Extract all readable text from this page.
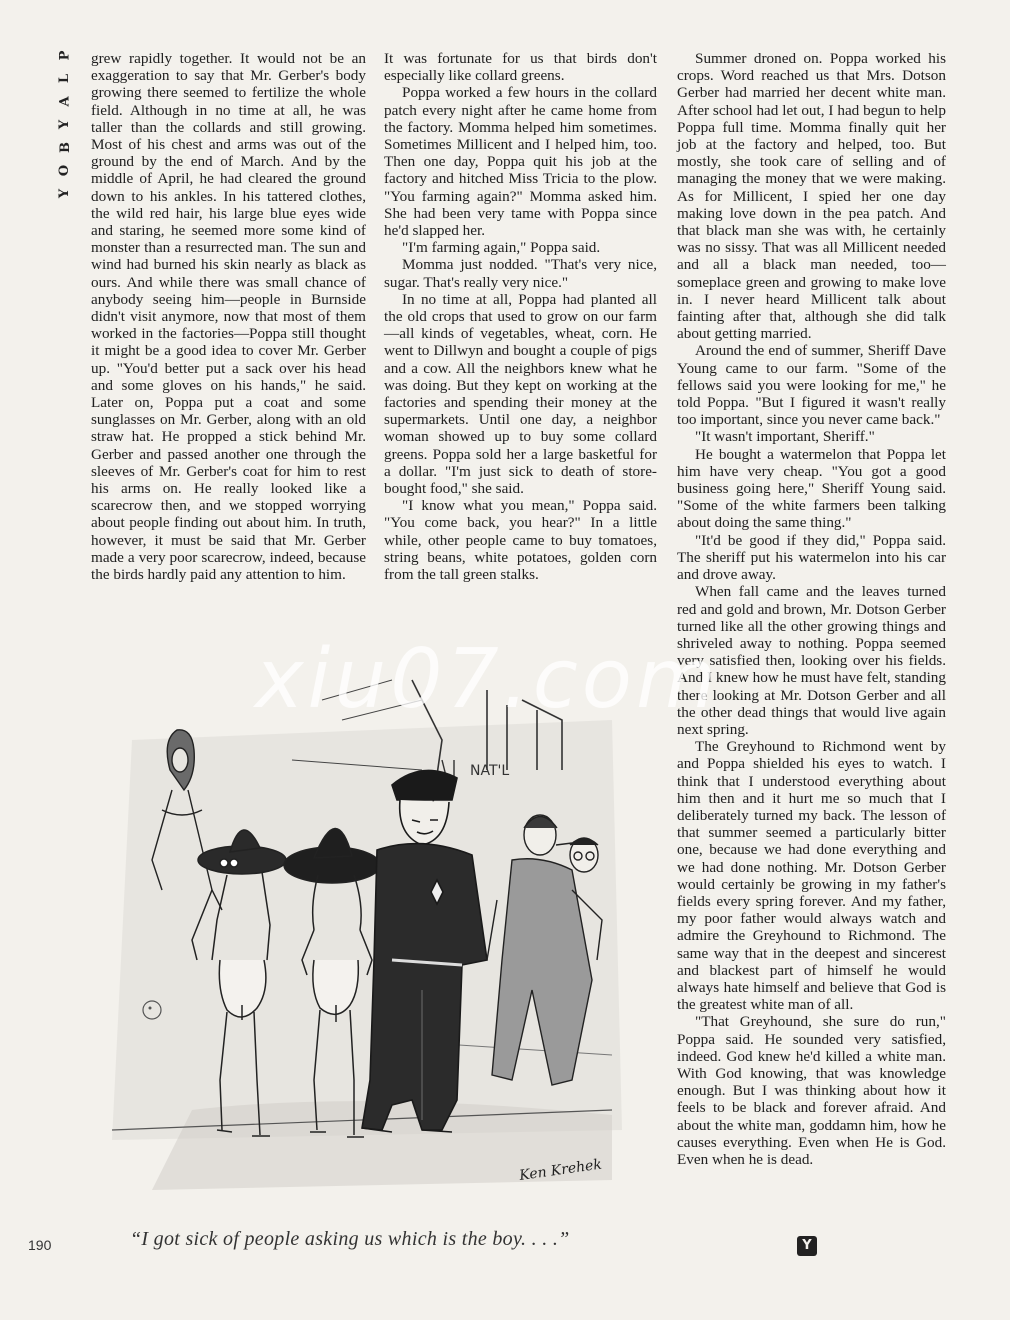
P
L
A
Y
B
O
Y

grew rapidly together. It would not be an exaggeration to say that Mr. Gerber's body growing there seemed to fertilize the whole field. Although in no time at all, he was taller than the collards and still growing. Most of his chest and arms was out of the ground by the end of March. And by the middle of April, he had cleared the ground down to his ankles. In his tattered clothes, the wild red hair, his large blue eyes wide and staring, he seemed more some kind of monster than a resurrected man. The sun and wind had burned his skin nearly as black as ours. And while there was small chance of anybody seeing him—people in Burnside didn't visit anymore, now that most of them worked in the factories—Poppa still thought it might be a good idea to cover Mr. Gerber up. "You'd better put a sack over his head and some gloves on his hands," he said. Later on, Poppa put a coat and some sunglasses on Mr. Gerber, along with an old straw hat. He propped a stick behind Mr. Gerber and passed another one through the sleeves of Mr. Gerber's coat for him to rest his arms on. He really looked like a scarecrow then, and we stopped worrying about people finding out about him. In truth, however, it must be said that Mr. Gerber made a very poor scarecrow, indeed, because the birds hardly paid any attention to him.

It was fortunate for us that birds don't especially like collard greens.

Poppa worked a few hours in the collard patch every night after he came home from the factory. Momma helped him sometimes. Sometimes Millicent and I helped him, too. Then one day, Poppa quit his job at the factory and hitched Miss Tricia to the plow. "You farming again?" Momma asked him. She had been very tame with Poppa since he'd slapped her.

"I'm farming again," Poppa said.

Momma just nodded. "That's very nice, sugar. That's really very nice."

In no time at all, Poppa had planted all the old crops that used to grow on our farm—all kinds of vegetables, wheat, corn. He went to Dillwyn and bought a couple of pigs and a cow. All the neighbors knew what he was doing. But they kept on working at the factories and spending their money at the supermarkets. Until one day, a neighbor woman showed up to buy some collard greens. Poppa sold her a large basketful for a dollar. "I'm just sick to death of store-bought food," she said.

"I know what you mean," Poppa said. "You come back, you hear?" In a little while, other people came to buy tomatoes, string beans, white potatoes, golden corn from the tall green stalks.

Summer droned on. Poppa worked his crops. Word reached us that Mrs. Dotson Gerber had married her decent white man. After school had let out, I had begun to help Poppa full time. Momma finally quit her job at the factory and helped, too. But mostly, she took care of selling and of managing the money that we were making. As for Millicent, I spied her one day making love down in the pea patch. And that black man she was with, he certainly was no sissy. That was all Millicent needed and all a black man needed, too—someplace green and growing to make love in. I never heard Millicent talk about fainting after that, although she did talk about getting married.

Around the end of summer, Sheriff Dave Young came to our farm. "Some of the fellows said you were looking for me," he told Poppa. "But I figured it wasn't really too important, since you never came back."

"It wasn't important, Sheriff."

He bought a watermelon that Poppa let him have very cheap. "You got a good business going here," Sheriff Young said. "Some of the white farmers been talking about doing the same thing."

"It'd be good if they did," Poppa said. The sheriff put his watermelon into his car and drove away.

When fall came and the leaves turned red and gold and brown, Mr. Dotson Gerber turned like all the other growing things and shriveled away to nothing. Poppa seemed very satisfied then, looking over his fields. And I knew how he must have felt, standing there looking at Mr. Dotson Gerber and all the other dead things that would live again next spring.

The Greyhound to Richmond went by and Poppa shielded his eyes to watch. I think that I understood everything about him then and it hurt me so much that I deliberately turned my back. The lesson of that summer seemed a particularly bitter one, because we had done everything and we had done nothing. Mr. Dotson Gerber would certainly be growing in my father's fields every spring forever. And my father, my poor father would always watch and admire the Greyhound to Richmond. The same way that in the deepest and sincerest and blackest part of himself he would always hate himself and believe that God is the greatest white man of all.

"That Greyhound, she sure do run," Poppa said. He sounded very satisfied, indeed. God knew he'd killed a white man. With God knowing, that was knowledge enough. But I was thinking about how it feels to be black and forever afraid. And about the white man, goddamn him, how he causes everything. Even when He is God. Even when he is dead.

NAT'L
Ken Krehek
xiu07.com
“I got sick of people asking us which is the boy. . . .”
190	Y
